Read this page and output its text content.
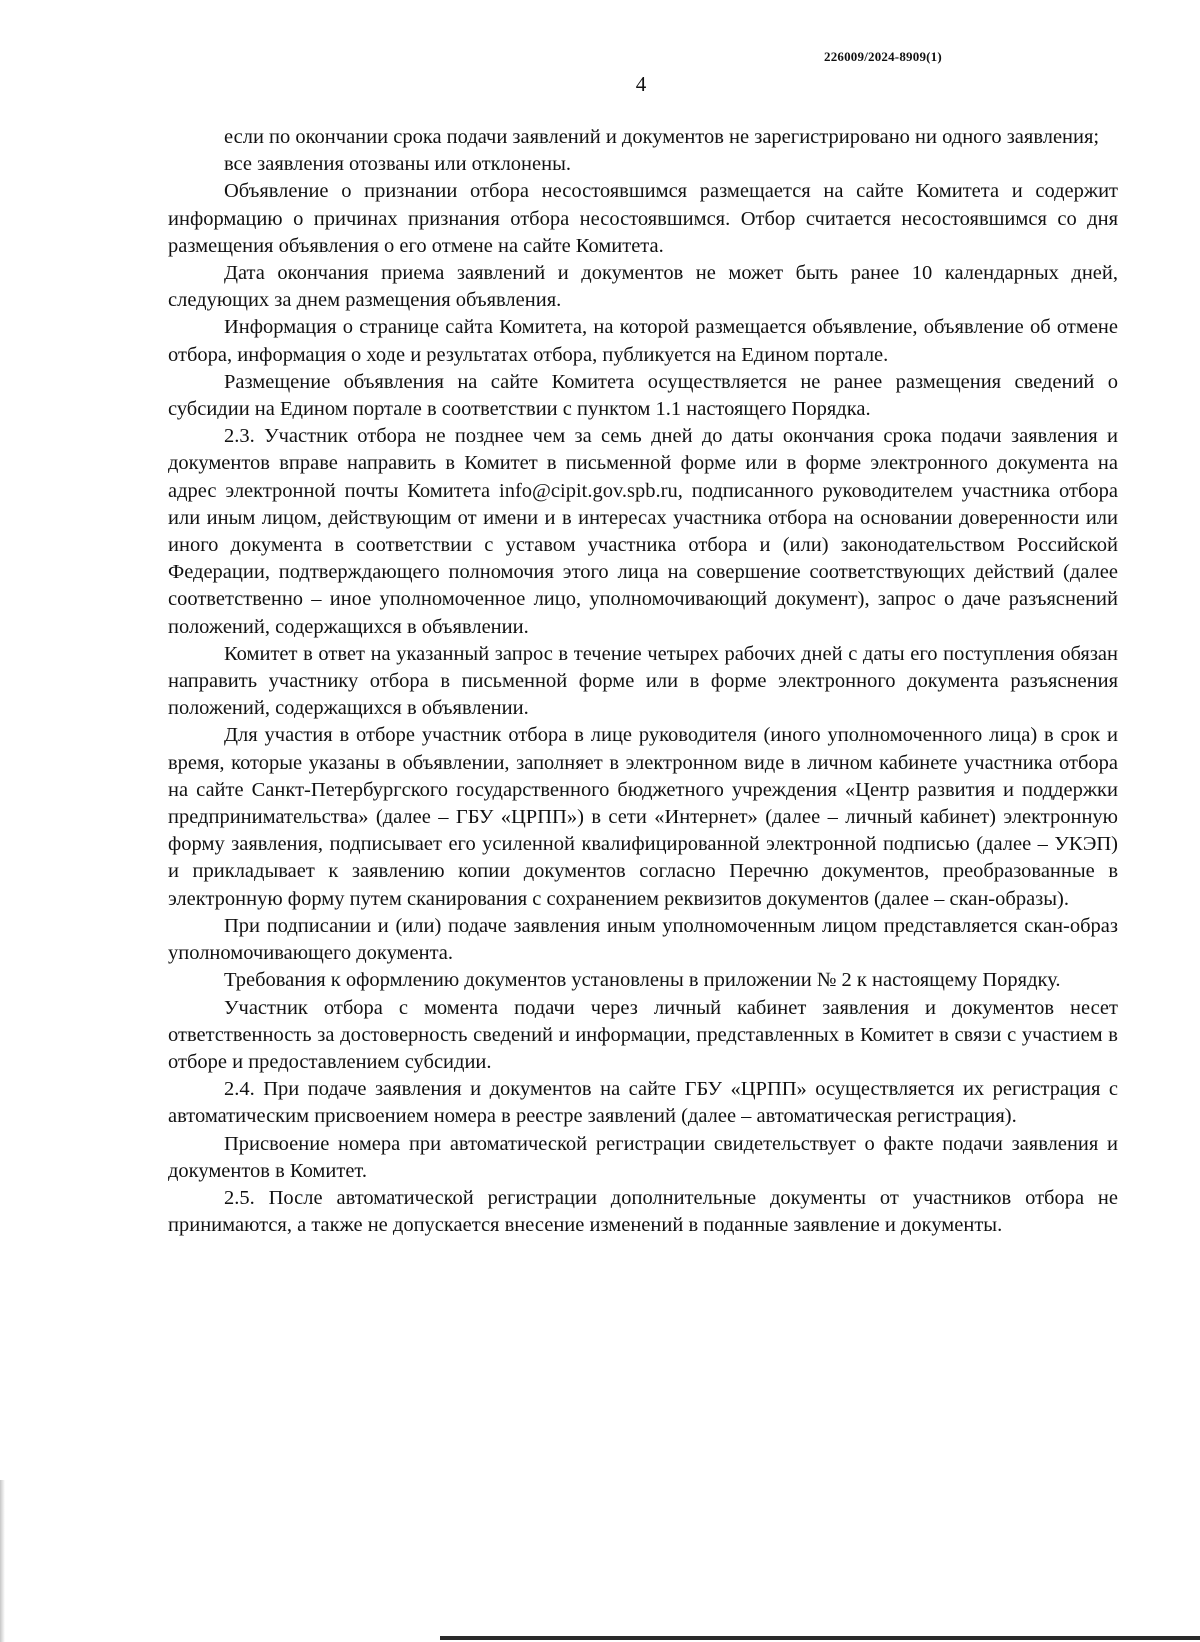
226009/2024-8909(1)
4

если по окончании срока подачи заявлений и документов не зарегистрировано ни одного заявления;

все заявления отозваны или отклонены.

Объявление о признании отбора несостоявшимся размещается на сайте Комитета и содержит информацию о причинах признания отбора несостоявшимся. Отбор считается несостоявшимся со дня размещения объявления о его отмене на сайте Комитета.

Дата окончания приема заявлений и документов не может быть ранее 10 календарных дней, следующих за днем размещения объявления.

Информация о странице сайта Комитета, на которой размещается объявление, объявление об отмене отбора, информация о ходе и результатах отбора, публикуется на Едином портале.

Размещение объявления на сайте Комитета осуществляется не ранее размещения сведений о субсидии на Едином портале в соответствии с пунктом 1.1 настоящего Порядка.

2.3. Участник отбора не позднее чем за семь дней до даты окончания срока подачи заявления и документов вправе направить в Комитет в письменной форме или в форме электронного документа на адрес электронной почты Комитета info@cipit.gov.spb.ru, подписанного руководителем участника отбора или иным лицом, действующим от имени и в интересах участника отбора на основании доверенности или иного документа в соответствии с уставом участника отбора и (или) законодательством Российской Федерации, подтверждающего полномочия этого лица на совершение соответствующих действий (далее соответственно – иное уполномоченное лицо, уполномочивающий документ), запрос о даче разъяснений положений, содержащихся в объявлении.

Комитет в ответ на указанный запрос в течение четырех рабочих дней с даты его поступления обязан направить участнику отбора в письменной форме или в форме электронного документа разъяснения положений, содержащихся в объявлении.

Для участия в отборе участник отбора в лице руководителя (иного уполномоченного лица) в срок и время, которые указаны в объявлении, заполняет в электронном виде в личном кабинете участника отбора на сайте Санкт-Петербургского государственного бюджетного учреждения «Центр развития и поддержки предпринимательства» (далее – ГБУ «ЦРПП») в сети «Интернет» (далее – личный кабинет) электронную форму заявления, подписывает его усиленной квалифицированной электронной подписью (далее – УКЭП) и прикладывает к заявлению копии документов согласно Перечню документов, преобразованные в электронную форму путем сканирования с сохранением реквизитов документов (далее – скан-образы).

При подписании и (или) подаче заявления иным уполномоченным лицом представляется скан-образ уполномочивающего документа.

Требования к оформлению документов установлены в приложении № 2 к настоящему Порядку.

Участник отбора с момента подачи через личный кабинет заявления и документов несет ответственность за достоверность сведений и информации, представленных в Комитет в связи с участием в отборе и предоставлением субсидии.

2.4. При подаче заявления и документов на сайте ГБУ «ЦРПП» осуществляется их регистрация с автоматическим присвоением номера в реестре заявлений (далее – автоматическая регистрация).

Присвоение номера при автоматической регистрации свидетельствует о факте подачи заявления и документов в Комитет.

2.5. После автоматической регистрации дополнительные документы от участников отбора не принимаются, а также не допускается внесение изменений в поданные заявление и документы.
